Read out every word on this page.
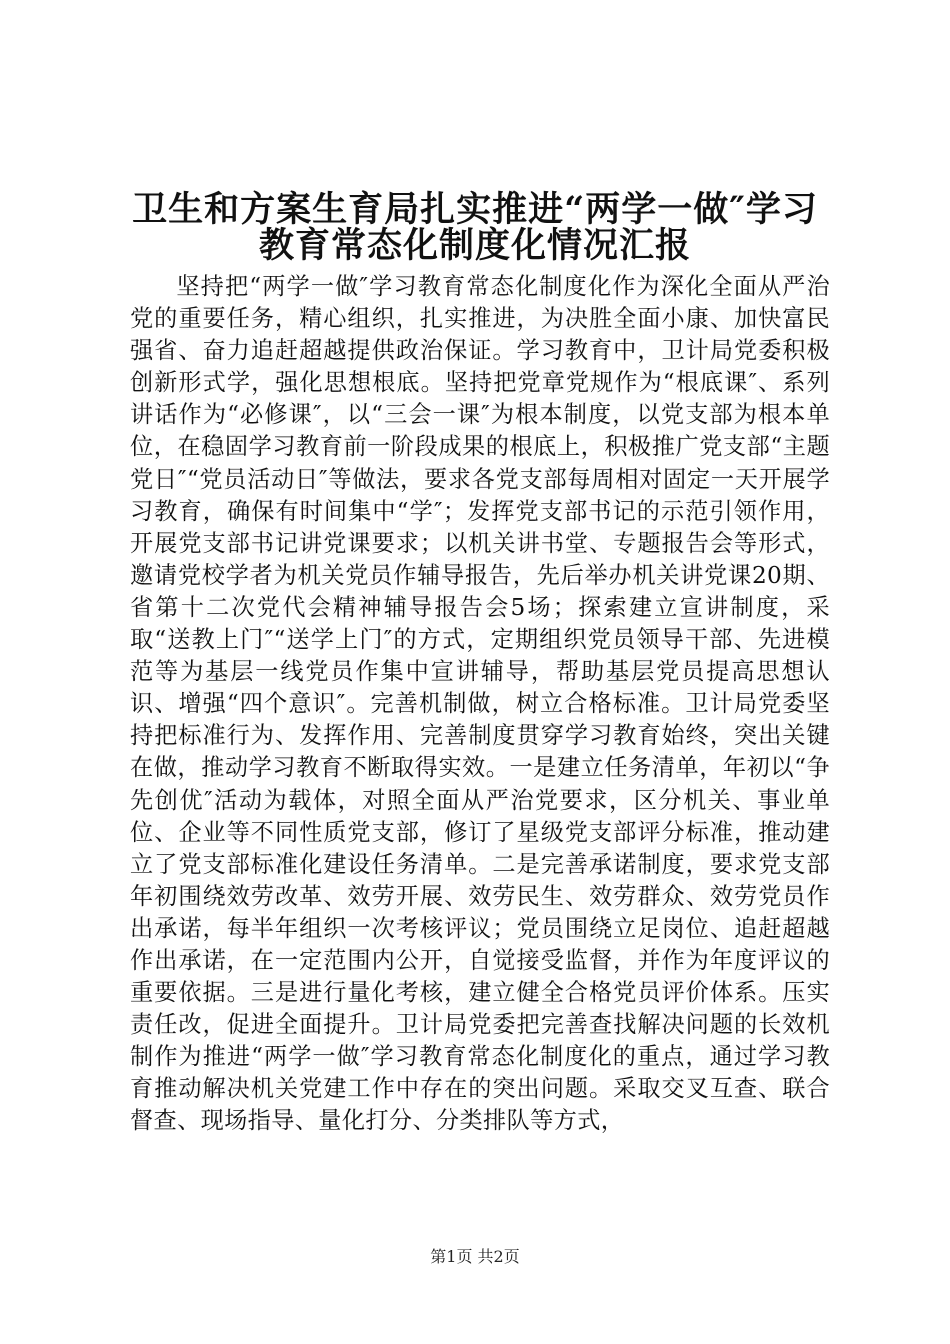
卫生和方案生育局扎实推进“两学一做″学习
教育常态化制度化情况汇报

坚持把“两学一做″学习教育常态化制度化作为深化全面从严治党的重要任务，精心组织，扎实推进，为决胜全面小康、加快富民强省、奋力追赶超越提供政治保证。学习教育中，卫计局党委积极创新形式学，强化思想根底。坚持把党章党规作为“根底课″、系列讲话作为“必修课″，以“三会一课″为根本制度，以党支部为根本单位，在稳固学习教育前一阶段成果的根底上，积极推广党支部“主题党日″“党员活动日″等做法，要求各党支部每周相对固定一天开展学习教育，确保有时间集中“学″；发挥党支部书记的示范引领作用，开展党支部书记讲党课要求；以机关讲书堂、专题报告会等形式，邀请党校学者为机关党员作辅导报告，先后举办机关讲党课20期、省第十二次党代会精神辅导报告会5场；探索建立宣讲制度，采取“送教上门″“送学上门″的方式，定期组织党员领导干部、先进模范等为基层一线党员作集中宣讲辅导，帮助基层党员提高思想认识、增强“四个意识″。完善机制做，树立合格标准。卫计局党委坚持把标准行为、发挥作用、完善制度贯穿学习教育始终，突出关键在做，推动学习教育不断取得实效。一是建立任务清单，年初以“争先创优″活动为载体，对照全面从严治党要求，区分机关、事业单位、企业等不同性质党支部，修订了星级党支部评分标准，推动建立了党支部标准化建设任务清单。二是完善承诺制度，要求党支部年初围绕效劳改革、效劳开展、效劳民生、效劳群众、效劳党员作出承诺，每半年组织一次考核评议；党员围绕立足岗位、追赶超越作出承诺，在一定范围内公开，自觉接受监督，并作为年度评议的重要依据。三是进行量化考核，建立健全合格党员评价体系。压实责任改，促进全面提升。卫计局党委把完善查找解决问题的长效机制作为推进“两学一做″学习教育常态化制度化的重点，通过学习教育推动解决机关党建工作中存在的突出问题。采取交叉互查、联合督查、现场指导、量化打分、分类排队等方式，

第1页 共2页
